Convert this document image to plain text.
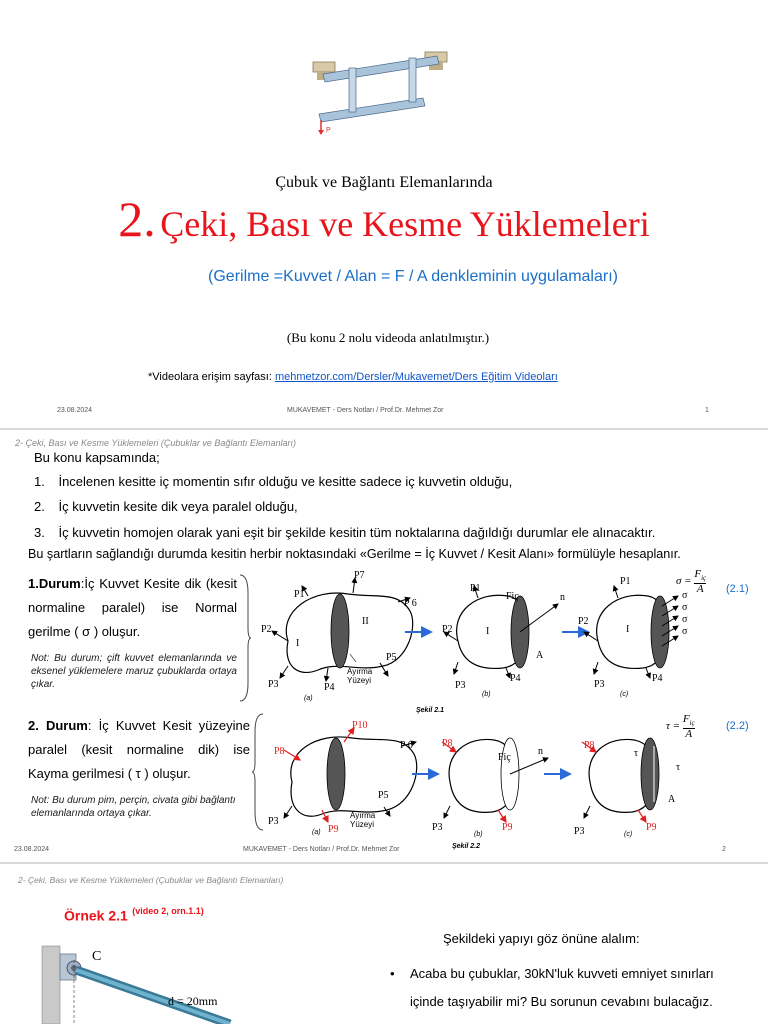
P
Çubuk ve Bağlantı Elemanlarında
2. Çeki, Bası ve Kesme Yüklemeleri
(Gerilme =Kuvvet / Alan = F / A denkleminin uygulamaları)
(Bu konu 2 nolu videoda anlatılmıştır.)
*Videolara erişim sayfası: mehmetzor.com/Dersler/Mukavemet/Ders Eğitim Videoları
23.08.2024	MUKAVEMET - Ders Notları / Prof.Dr. Mehmet Zor	1
2- Çeki, Bası ve Kesme Yüklemeleri (Çubuklar ve Bağlantı Elemanları)
Bu konu kapsamında;
1. İncelenen kesitte iç momentin sıfır olduğu ve kesitte sadece iç kuvvetin olduğu,
2. İç kuvvetin kesite dik veya paralel olduğu,
3. İç kuvvetin homojen olarak yani eşit bir şekilde kesitin tüm noktalarına dağıldığı durumlar ele alınacaktır.
Bu şartların sağlandığı durumda kesitin herbir noktasındaki «Gerilme = İç Kuvvet / Kesit Alanı» formülüyle hesaplanır.
1.Durum:İç Kuvvet Kesite dik (kesit normaline paralel) ise Normal gerilme ( σ ) oluşur.
Not: Bu durum; çift kuvvet elemanlarında ve eksenel yüklemelere maruz çubuklarda ortaya çıkar.
2. Durum: İç Kuvvet Kesit yüzeyine paralel (kesit normaline dik) ise Kayma gerilmesi ( τ ) oluşur.
Not: Bu durum pim, perçin, civata gibi bağlantı elemanlarında ortaya çıkar.
P2
P1
P7
P 6
P5
P3	P4
I
II
Ayırma
Yüzeyi
(a)
P2
P1
Fiç	n
A
P3
P4
I
(b)
P2
P1
P3
P4
I
σ
σ
σ
σ
(c)
Şekil 2.1
σ =
$F_{iç}$
A (2.1)
P8
P10
P9
P 6
P5
P3
Ayırma
Yüzeyi
(a)
P8
Fiç
n
P9
P3
(b)
P8
τ
τ
A
P9
P3	(c)
Şekil 2.2
τ =
$F_{iç}$
A
(2.2)
23.08.2024	MUKAVEMET - Ders Notları / Prof.Dr. Mehmet Zor	2
2- Çeki, Bası ve Kesme Yüklemeleri (Çubuklar ve Bağlantı Elemanları)
Örnek 2.1 $^{(video 2, orn.1.1)}$
C
d = 20mm
Şekildeki yapıyı göz önüne alalım:
• Acaba bu çubuklar, 30kN'luk kuvveti emniyet sınırları içinde taşıyabilir mi? Bu sorunun cevabını bulacağız.
